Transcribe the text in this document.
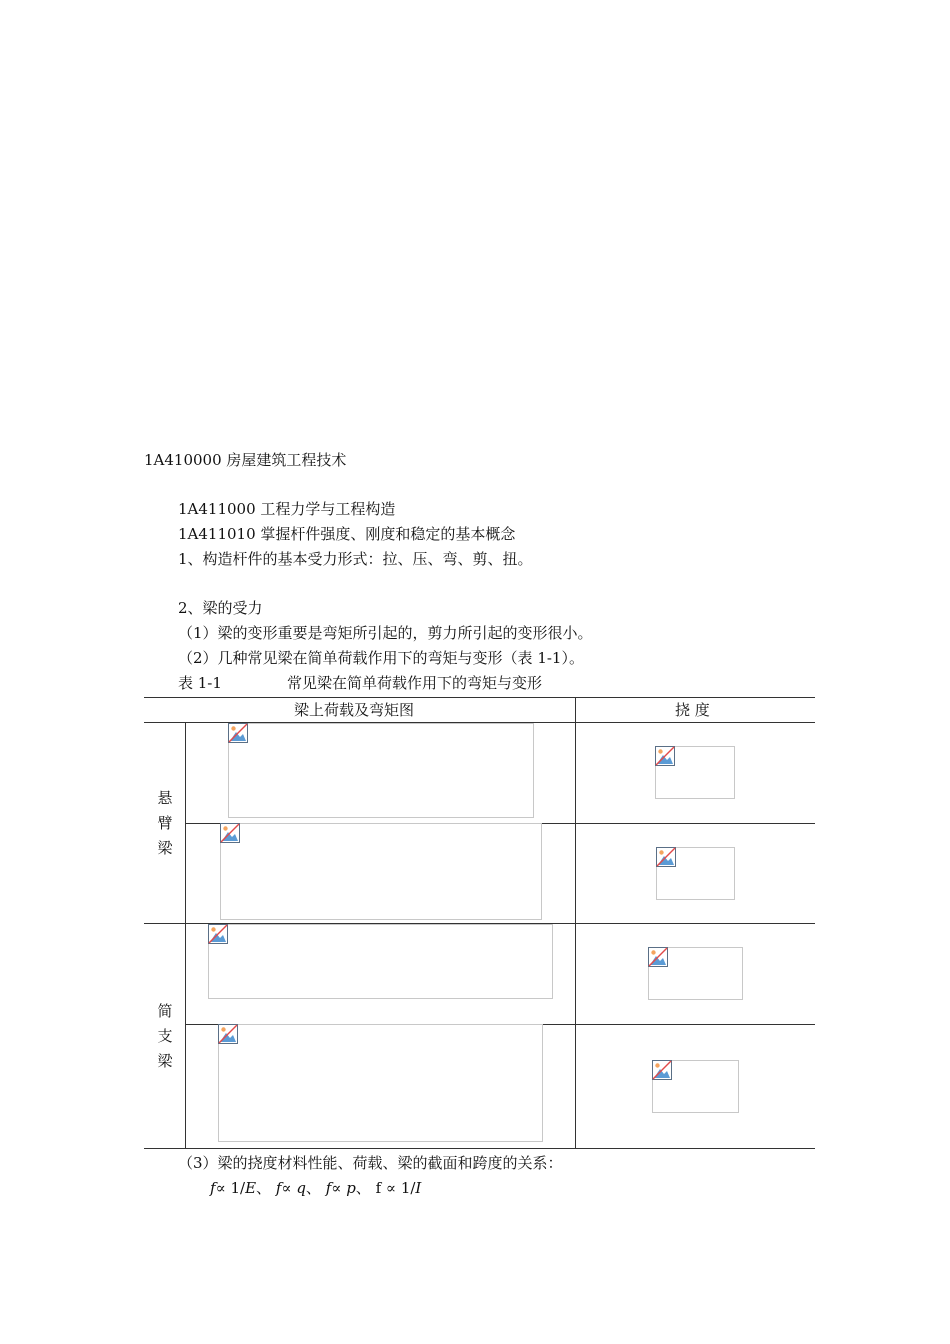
1A410000 房屋建筑工程技术
1A411000 工程力学与工程构造
1A411010 掌握杆件强度、刚度和稳定的基本概念
1、构造杆件的基本受力形式：拉、压、弯、剪、扭。
2、梁的受力
（1）梁的变形重要是弯矩所引起的，剪力所引起的变形很小。
（2）几种常见梁在简单荷载作用下的弯矩与变形（表 1-1）。
表 1-1	常见梁在简单荷载作用下的弯矩与变形
梁上荷载及弯矩图	挠 度
悬
臂
梁
简
支
梁
（3）梁的挠度材料性能、荷载、梁的截面和跨度的关系：
f∝ 1/E、 f∝ q、 f∝ p、 f ∝ 1/I
